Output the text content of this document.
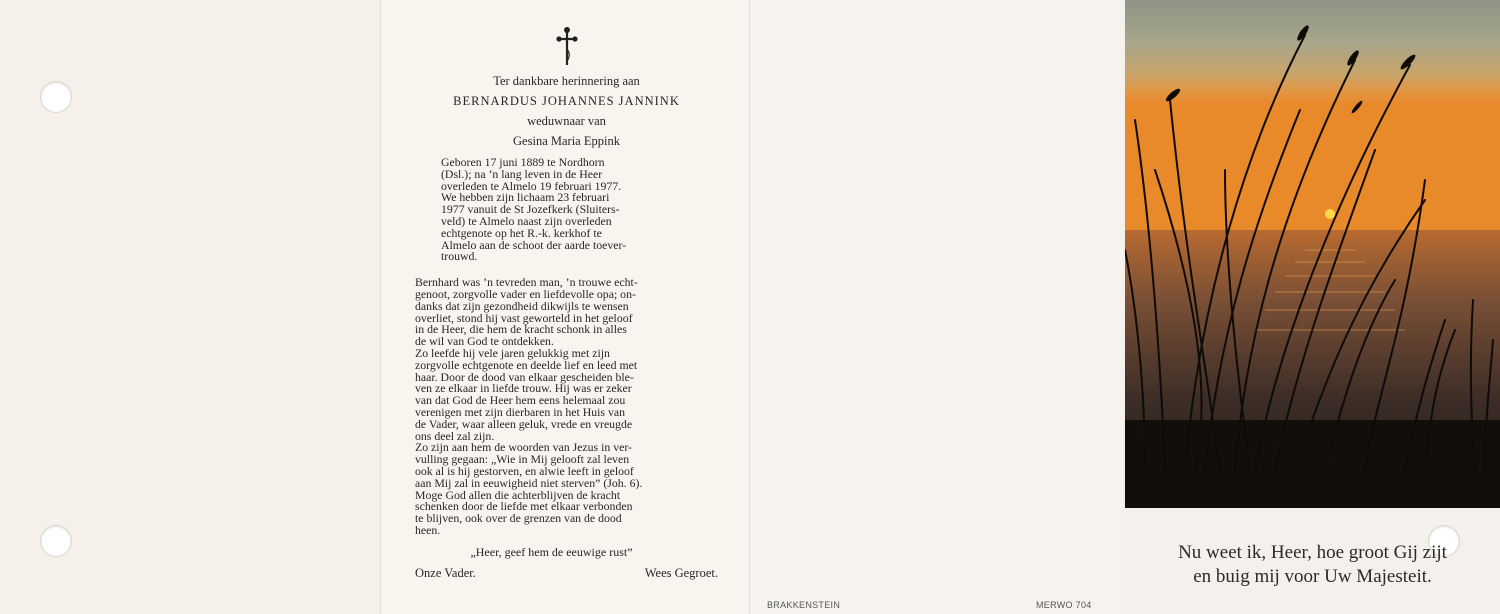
Ter dankbare herinnering aan
BERNARDUS JOHANNES JANNINK
weduwnaar van
Gesina Maria Eppink
Geboren 17 juni 1889 te Nordhorn
(Dsl.); na ’n lang leven in de Heer
overleden te Almelo 19 februari 1977.
We hebben zijn lichaam 23 februari
1977 vanuit de St Jozefkerk (Sluiters-
veld) te Almelo naast zijn overleden
echtgenote op het R.-k. kerkhof te
Almelo aan de schoot der aarde toever-
trouwd.
Bernhard was ’n tevreden man, ’n trouwe echt-
genoot, zorgvolle vader en liefdevolle opa; on-
danks dat zijn gezondheid dikwijls te wensen
overliet, stond hij vast geworteld in het geloof
in de Heer, die hem de kracht schonk in alles
de wil van God te ontdekken.
Zo leefde hij vele jaren gelukkig met zijn
zorgvolle echtgenote en deelde lief en leed met
haar. Door de dood van elkaar gescheiden ble-
ven ze elkaar in liefde trouw. Hij was er zeker
van dat God de Heer hem eens helemaal zou
verenigen met zijn dierbaren in het Huis van
de Vader, waar alleen geluk, vrede en vreugde
ons deel zal zijn.
Zo zijn aan hem de woorden van Jezus in ver-
vulling gegaan: „Wie in Mij gelooft zal leven
ook al is hij gestorven, en alwie leeft in geloof
aan Mij zal in eeuwigheid niet sterven” (Joh. 6).
Moge God allen die achterblijven de kracht
schenken door de liefde met elkaar verbonden
te blijven, ook over de grenzen van de dood
heen.
„Heer, geef hem de eeuwige rust”
Onze Vader.	Wees Gegroet.
BRAKKENSTEIN	MERWO 704
Nu weet ik, Heer, hoe groot Gij zijt
en buig mij voor Uw Majesteit.
